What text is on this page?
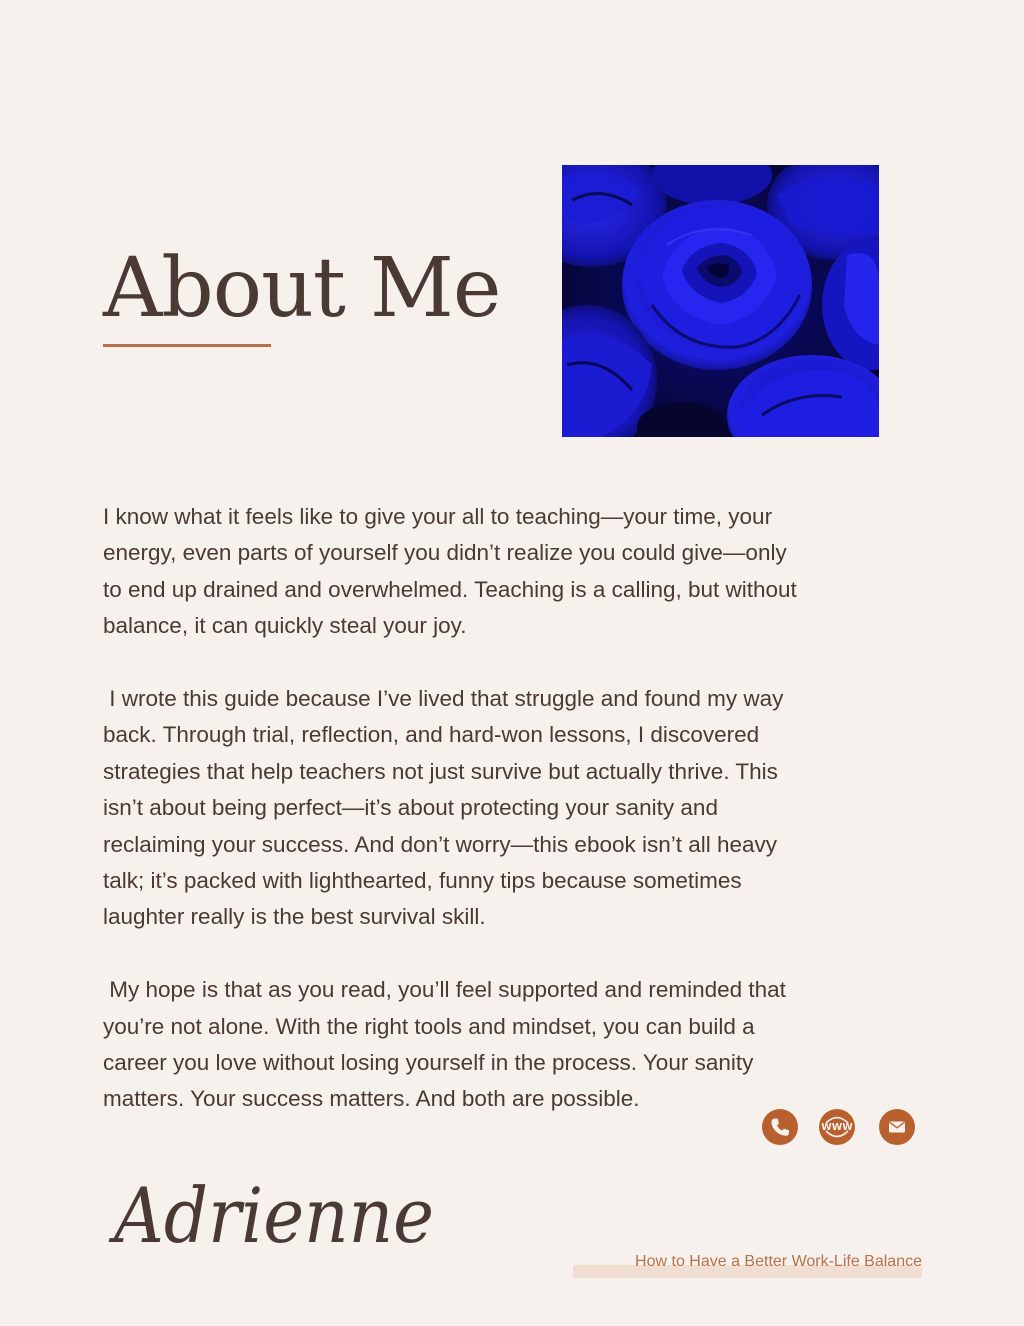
About Me

I know what it feels like to give your all to teaching—your time, your
energy, even parts of yourself you didn’t realize you could give—only
to end up drained and overwhelmed. Teaching is a calling, but without
balance, it can quickly steal your joy.

I wrote this guide because I’ve lived that struggle and found my way
back. Through trial, reflection, and hard-won lessons, I discovered
strategies that help teachers not just survive but actually thrive. This
isn’t about being perfect—it’s about protecting your sanity and
reclaiming your success. And don’t worry—this ebook isn’t all heavy
talk; it’s packed with lighthearted, funny tips because sometimes
laughter really is the best survival skill.

My hope is that as you read, you’ll feel supported and reminded that
you’re not alone. With the right tools and mindset, you can build a
career you love without losing yourself in the process. Your sanity
matters. Your success matters. And both are possible.

WWW
Adrienne
How to Have a Better Work-Life Balance
